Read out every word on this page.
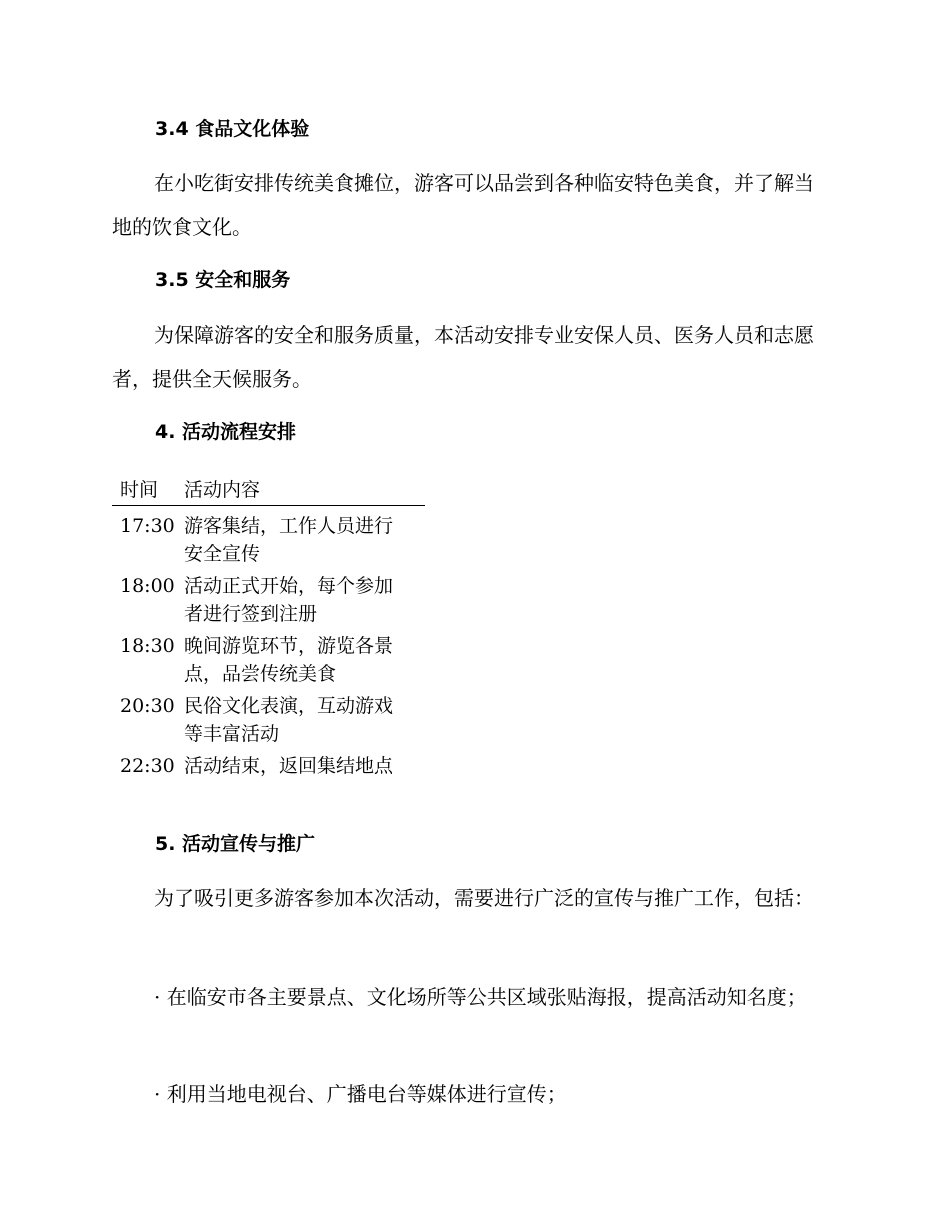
3.4 食品文化体验
在小吃街安排传统美食摊位，游客可以品尝到各种临安特色美食，并了解当地的饮食文化。
3.5 安全和服务
为保障游客的安全和服务质量，本活动安排专业安保人员、医务人员和志愿者，提供全天候服务。
4. 活动流程安排
时间	活动内容
17:30 游客集结，工作人员进行安全宣传
18:00 活动正式开始，每个参加者进行签到注册
18:30 晚间游览环节，游览各景点，品尝传统美食
20:30 民俗文化表演，互动游戏等丰富活动
22:30 活动结束，返回集结地点
5. 活动宣传与推广
为了吸引更多游客参加本次活动，需要进行广泛的宣传与推广工作，包括：
· 在临安市各主要景点、文化场所等公共区域张贴海报，提高活动知名度；
· 利用当地电视台、广播电台等媒体进行宣传；
